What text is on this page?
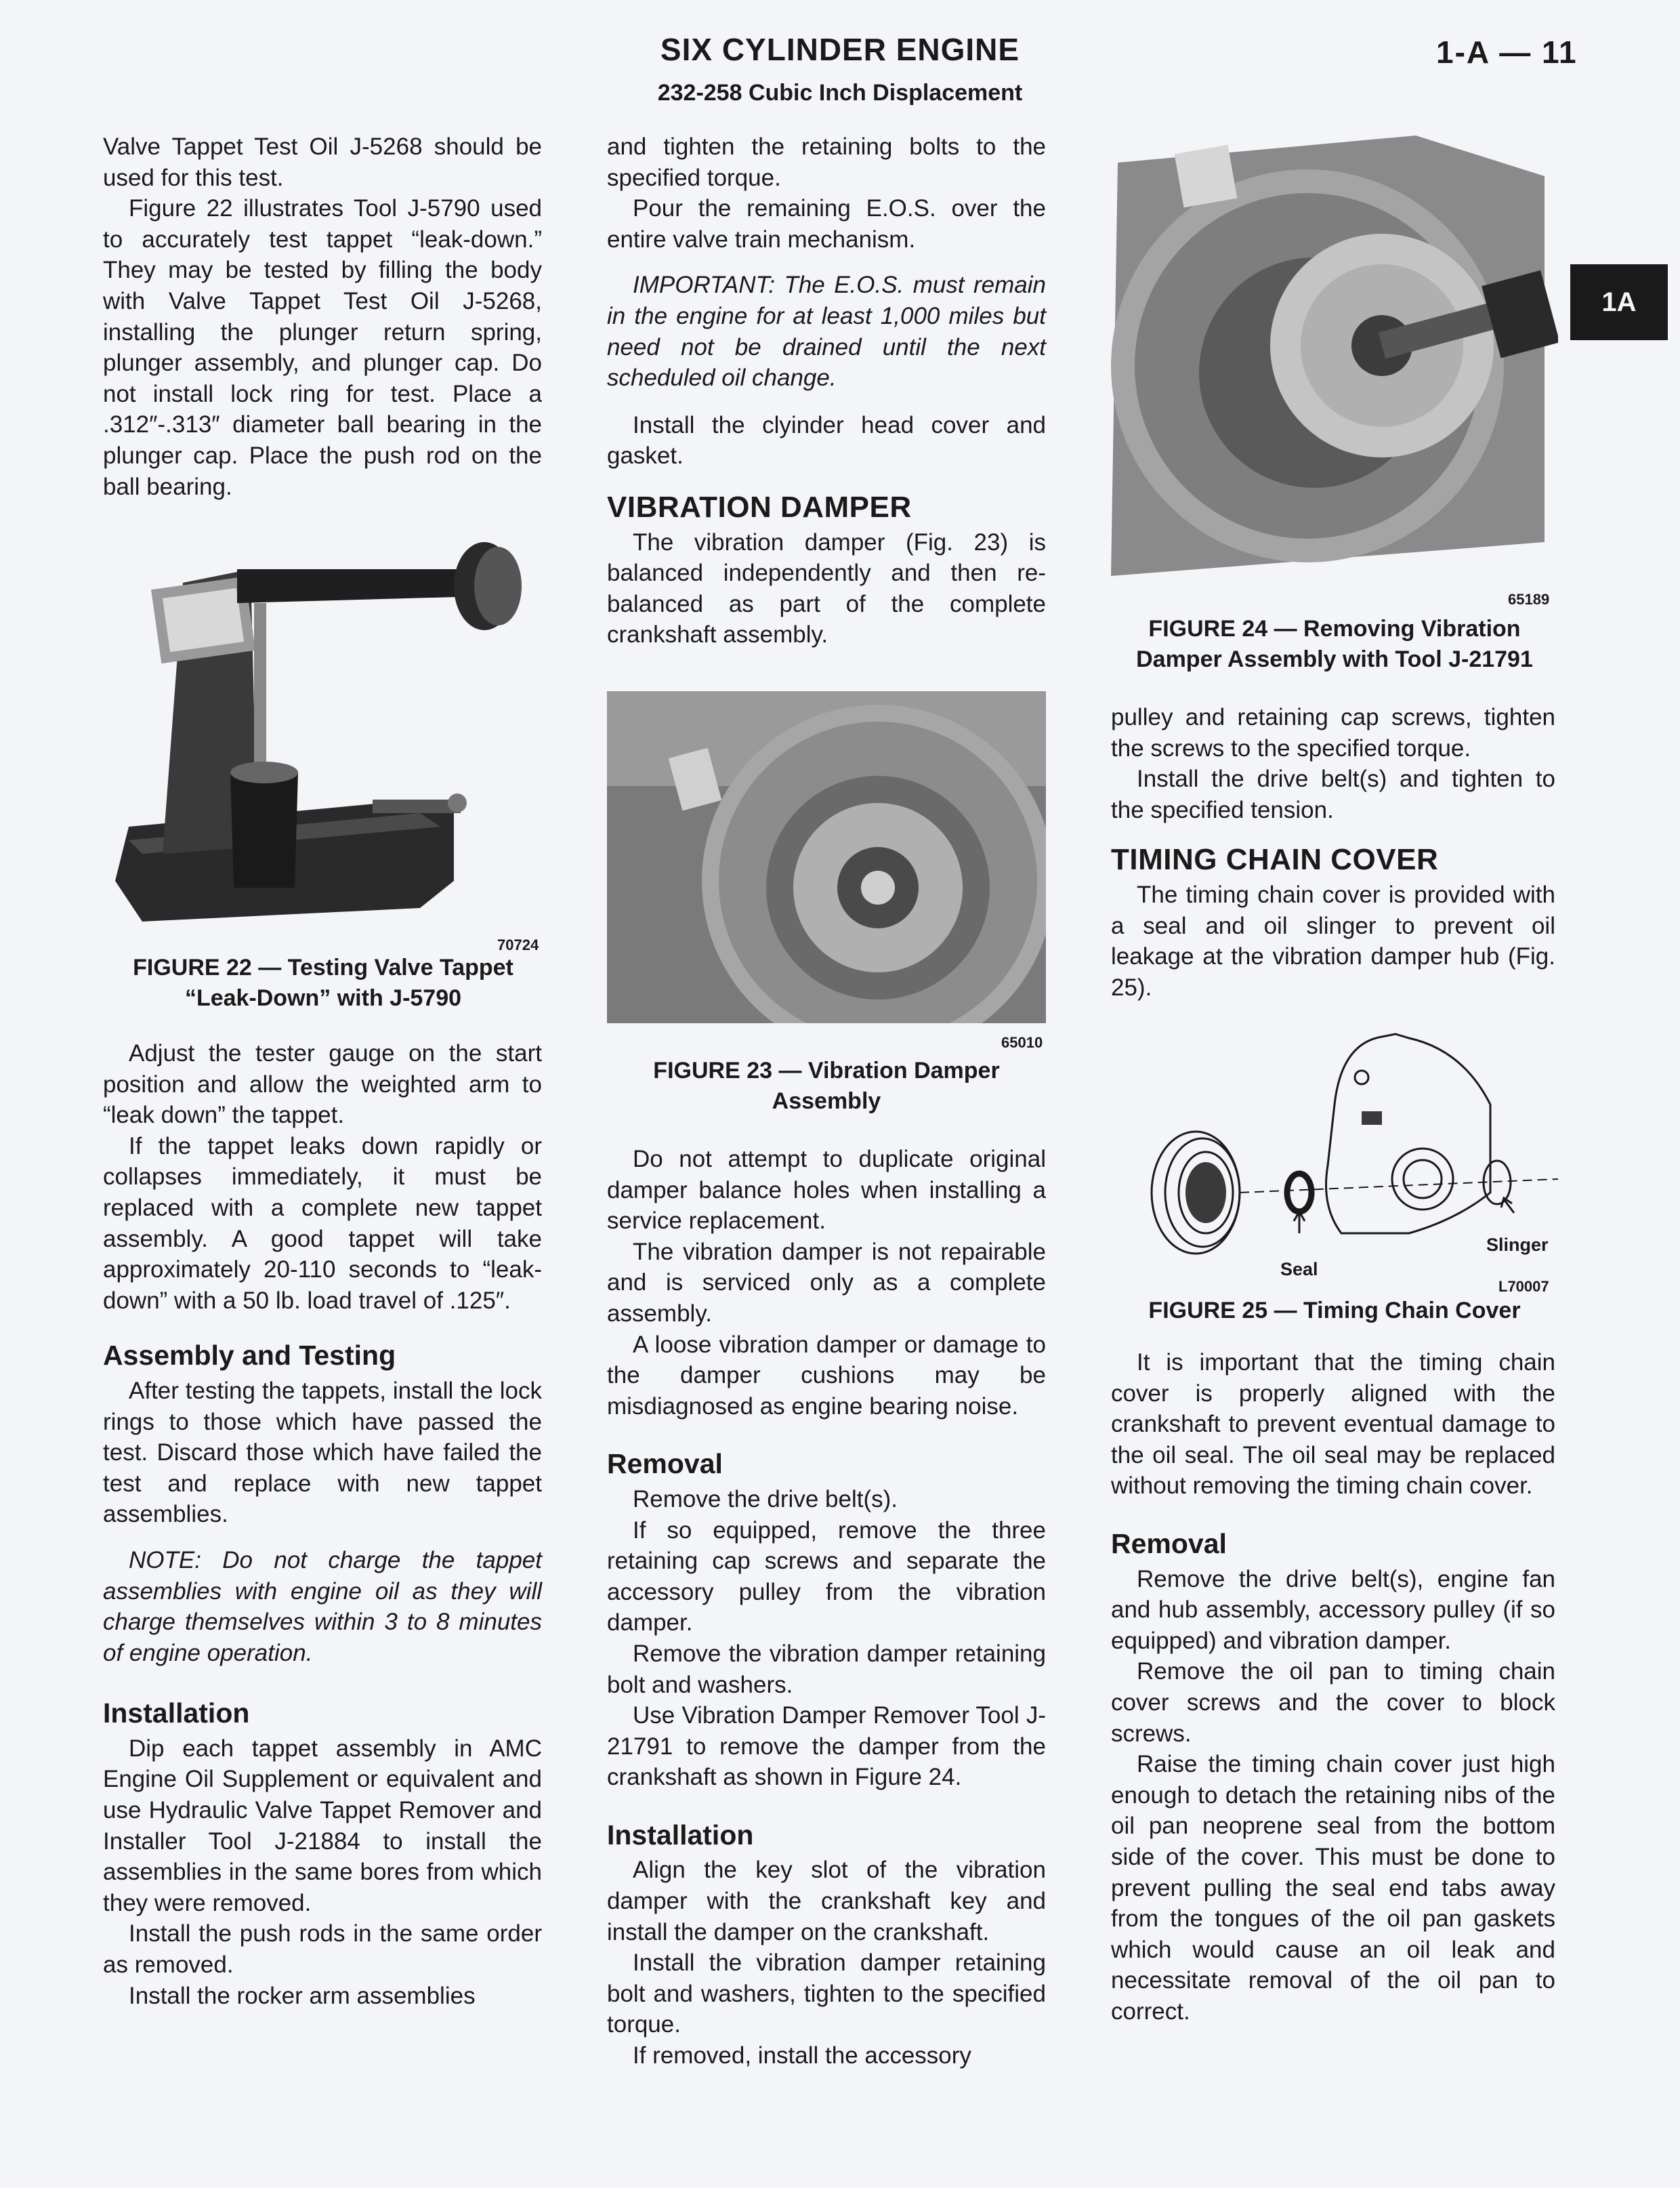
SIX CYLINDER ENGINE
232-258 Cubic Inch Displacement
1-A — 11
1A

Valve Tappet Test Oil J-5268 should be used for this test.

Figure 22 illustrates Tool J-5790 used to accurately test tappet “leak-down.” They may be tested by filling the body with Valve Tappet Test Oil J-5268, installing the plunger return spring, plunger assembly, and plunger cap. Do not install lock ring for test. Place a .312″-.313″ diameter ball bearing in the plunger cap. Place the push rod on the ball bearing.

70724
FIGURE 22 — Testing Valve Tappet
“Leak-Down” with J-5790

Adjust the tester gauge on the start position and allow the weighted arm to “leak down” the tappet.

If the tappet leaks down rapidly or collapses immediately, it must be replaced with a complete new tappet assembly. A good tappet will take approximately 20-110 seconds to “leak-down” with a 50 lb. load travel of .125″.

Assembly and Testing

After testing the tappets, install the lock rings to those which have passed the test. Discard those which have failed the test and replace with new tappet assemblies.

NOTE: Do not charge the tappet assemblies with engine oil as they will charge themselves within 3 to 8 minutes of engine operation.

Installation

Dip each tappet assembly in AMC Engine Oil Supplement or equivalent and use Hydraulic Valve Tappet Remover and Installer Tool J-21884 to install the assemblies in the same bores from which they were removed.

Install the push rods in the same order as removed.

Install the rocker arm assemblies

and tighten the retaining bolts to the specified torque.

Pour the remaining E.O.S. over the entire valve train mechanism.

IMPORTANT: The E.O.S. must remain in the engine for at least 1,000 miles but need not be drained until the next scheduled oil change.

Install the clyinder head cover and gasket.

VIBRATION DAMPER

The vibration damper (Fig. 23) is balanced independently and then re-balanced as part of the complete crankshaft assembly.

65010
FIGURE 23 — Vibration Damper
Assembly

Do not attempt to duplicate original damper balance holes when installing a service replacement.

The vibration damper is not repairable and is serviced only as a complete assembly.

A loose vibration damper or damage to the damper cushions may be misdiagnosed as engine bearing noise.

Removal

Remove the drive belt(s).

If so equipped, remove the three retaining cap screws and separate the accessory pulley from the vibration damper.

Remove the vibration damper retaining bolt and washers.

Use Vibration Damper Remover Tool J-21791 to remove the damper from the crankshaft as shown in Figure 24.

Installation

Align the key slot of the vibration damper with the crankshaft key and install the damper on the crankshaft.

Install the vibration damper retaining bolt and washers, tighten to the specified torque.

If removed, install the accessory

65189
FIGURE 24 — Removing Vibration
Damper Assembly with Tool J-21791

pulley and retaining cap screws, tighten the screws to the specified torque.

Install the drive belt(s) and tighten to the specified tension.

TIMING CHAIN COVER

The timing chain cover is provided with a seal and oil slinger to prevent oil leakage at the vibration damper hub (Fig. 25).

Slinger
Seal
L70007
FIGURE 25 — Timing Chain Cover

It is important that the timing chain cover is properly aligned with the crankshaft to prevent eventual damage to the oil seal. The oil seal may be replaced without removing the timing chain cover.

Removal

Remove the drive belt(s), engine fan and hub assembly, accessory pulley (if so equipped) and vibration damper.

Remove the oil pan to timing chain cover screws and the cover to block screws.

Raise the timing chain cover just high enough to detach the retaining nibs of the oil pan neoprene seal from the bottom side of the cover. This must be done to prevent pulling the seal end tabs away from the tongues of the oil pan gaskets which would cause an oil leak and necessitate removal of the oil pan to correct.
